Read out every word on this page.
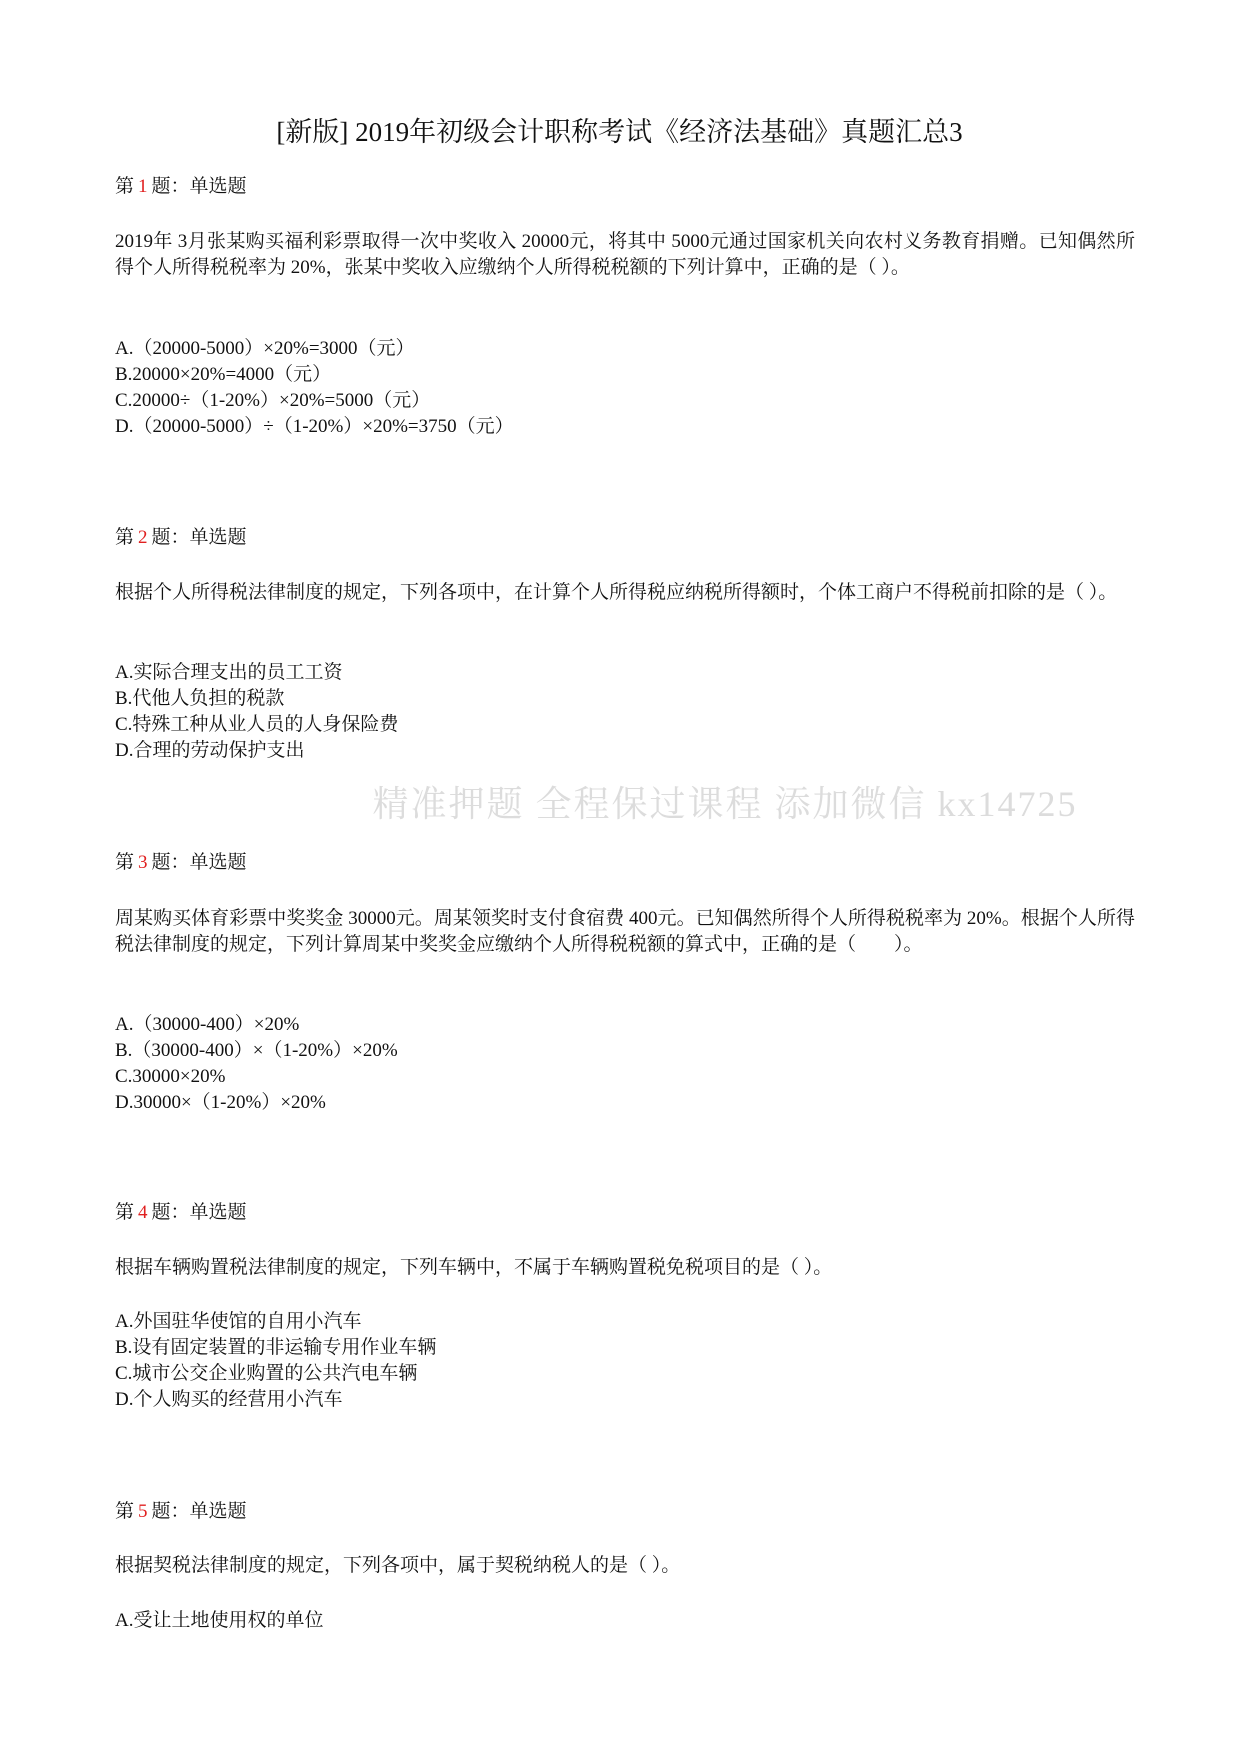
精准押题 全程保过课程 添加微信 kx14725
[新版] 2019年初级会计职称考试《经济法基础》真题汇总3
第 1 题：单选题
2019年 3月张某购买福利彩票取得一次中奖收入 20000元，将其中 5000元通过国家机关向农村义务教育捐赠。已知偶然所得个人所得税税率为 20%，张某中奖收入应缴纳个人所得税税额的下列计算中，正确的是（ ）。
A.（20000-5000）×20%=3000（元）
B.20000×20%=4000（元）
C.20000÷（1-20%）×20%=5000（元）
D.（20000-5000）÷（1-20%）×20%=3750（元）
第 2 题：单选题
根据个人所得税法律制度的规定，下列各项中，在计算个人所得税应纳税所得额时，个体工商户不得税前扣除的是（ ）。
A.实际合理支出的员工工资
B.代他人负担的税款
C.特殊工种从业人员的人身保险费
D.合理的劳动保护支出
第 3 题：单选题
周某购买体育彩票中奖奖金 30000元。周某领奖时支付食宿费 400元。已知偶然所得个人所得税税率为 20%。根据个人所得税法律制度的规定，下列计算周某中奖奖金应缴纳个人所得税税额的算式中，正确的是（　　）。
A.（30000-400）×20%
B.（30000-400）×（1-20%）×20%
C.30000×20%
D.30000×（1-20%）×20%
第 4 题：单选题
根据车辆购置税法律制度的规定，下列车辆中，不属于车辆购置税免税项目的是（ ）。
A.外国驻华使馆的自用小汽车
B.设有固定装置的非运输专用作业车辆
C.城市公交企业购置的公共汽电车辆
D.个人购买的经营用小汽车
第 5 题：单选题
根据契税法律制度的规定，下列各项中，属于契税纳税人的是（ ）。
A.受让土地使用权的单位
